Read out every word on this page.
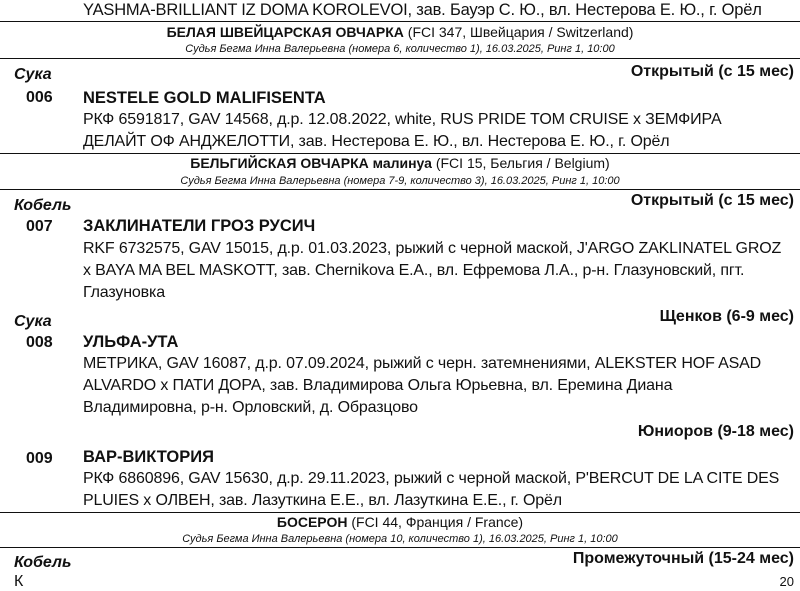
YASHMA-BRILLIANT IZ DOMA KOROLEVOI, зав. Бауэр С. Ю., вл. Нестерова Е. Ю., г. Орёл
БЕЛАЯ ШВЕЙЦАРСКАЯ ОВЧАРКА (FCI 347, Швейцария / Switzerland)
Судья Бегма Инна Валерьевна (номера 6, количество 1), 16.03.2025, Ринг 1, 10:00
Сука	Открытый (с 15 мес)
006 NESTELE GOLD MALIFISENTA
РКФ 6591817, GAV 14568, д.р. 12.08.2022, white, RUS PRIDE TOM CRUISE х ЗЕМФИРА
ДЕЛАЙТ ОФ АНДЖЕЛОТТИ, зав. Нестерова Е. Ю., вл. Нестерова Е. Ю., г. Орёл
БЕЛЬГИЙСКАЯ ОВЧАРКА малинуа (FCI 15, Бельгия / Belgium)
Судья Бегма Инна Валерьевна (номера 7-9, количество 3), 16.03.2025, Ринг 1, 10:00
Кобель	Открытый (с 15 мес)
007 ЗАКЛИНАТЕЛИ ГРОЗ РУСИЧ
RKF 6732575, GAV 15015, д.р. 01.03.2023, рыжий с черной маской, J'ARGO ZAKLINATEL GROZ
x BAYA MA BEL MASKOTT, зав. Chernikova E.A., вл. Ефремова Л.А., р-н. Глазуновский, пгт.
Глазуновка
Сука	Щенков (6-9 мес)
008 УЛЬФА-УТА
МЕТРИКА, GAV 16087, д.р. 07.09.2024, рыжий с черн. затемнениями, ALEKSTER HOF ASAD
ALVARDO x ПАТИ ДОРА, зав. Владимирова Ольга Юрьевна, вл. Еремина Диана
Владимировна, р-н. Орловский, д. Образцово
Юниоров (9-18 мес)
009 ВАР-ВИКТОРИЯ
РКФ 6860896, GAV 15630, д.р. 29.11.2023, рыжий с черной маской, P'BERCUT DE LA CITE DES
PLUIES x ОЛВЕН, зав. Лазуткина Е.Е., вл. Лазуткина Е.Е., г. Орёл
БОСЕРОН (FCI 44, Франция / France)
Судья Бегма Инна Валерьевна (номера 10, количество 1), 16.03.2025, Ринг 1, 10:00
Кобель	Промежуточный (15-24 мес)
К	20
